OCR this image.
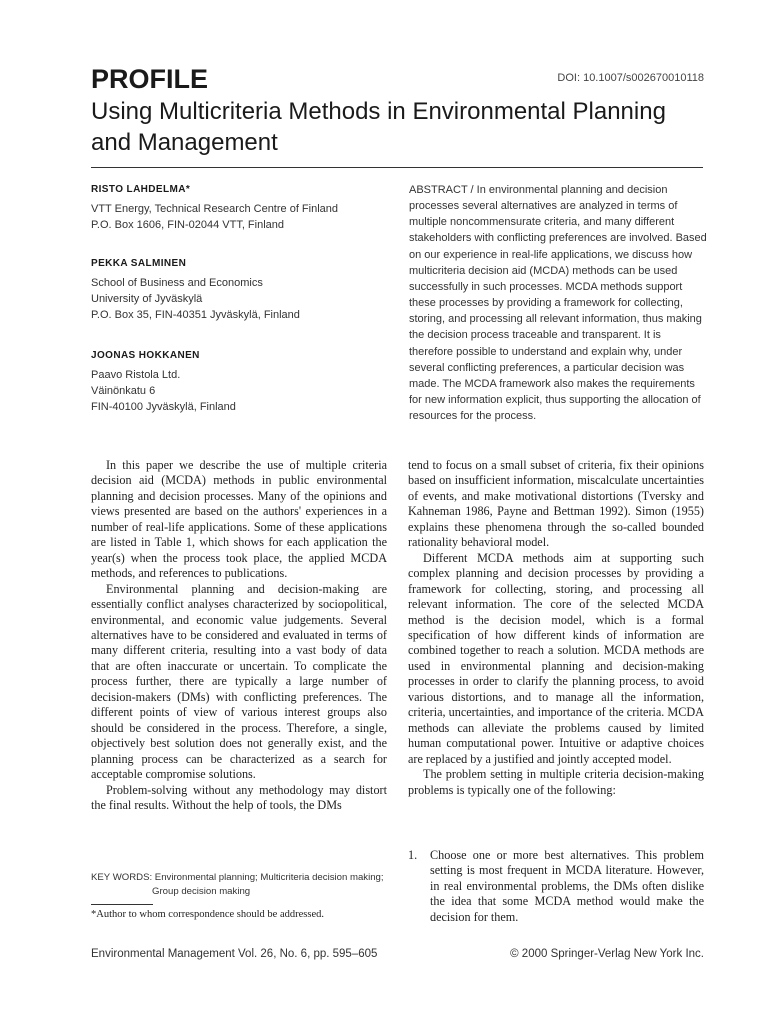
PROFILE	DOI: 10.1007/s002670010118
Using Multicriteria Methods in Environmental Planning and Management
RISTO LAHDELMA*
VTT Energy, Technical Research Centre of Finland
P.O. Box 1606, FIN-02044 VTT, Finland
PEKKA SALMINEN
School of Business and Economics
University of Jyväskylä
P.O. Box 35, FIN-40351 Jyväskylä, Finland
JOONAS HOKKANEN
Paavo Ristola Ltd.
Väinönkatu 6
FIN-40100 Jyväskylä, Finland

ABSTRACT / In environmental planning and decision processes several alternatives are analyzed in terms of multiple noncommensurate criteria, and many different stakeholders with conflicting preferences are involved. Based on our experience in real-life applications, we discuss how multicriteria decision aid (MCDA) methods can be used successfully in such processes. MCDA methods support these processes by providing a framework for collecting, storing, and processing all relevant information, thus making the decision process traceable and transparent. It is therefore possible to understand and explain why, under several conflicting preferences, a particular decision was made. The MCDA framework also makes the requirements for new information explicit, thus supporting the allocation of resources for the process.

In this paper we describe the use of multiple criteria decision aid (MCDA) methods in public environmental planning and decision processes. Many of the opinions and views presented are based on the authors' experiences in a number of real-life applications. Some of these applications are listed in Table 1, which shows for each application the year(s) when the process took place, the applied MCDA methods, and references to publications.

Environmental planning and decision-making are essentially conflict analyses characterized by sociopolitical, environmental, and economic value judgements. Several alternatives have to be considered and evaluated in terms of many different criteria, resulting into a vast body of data that are often inaccurate or uncertain. To complicate the process further, there are typically a large number of decision-makers (DMs) with conflicting preferences. The different points of view of various interest groups also should be considered in the process. Therefore, a single, objectively best solution does not generally exist, and the planning process can be characterized as a search for acceptable compromise solutions.

Problem-solving without any methodology may distort the final results. Without the help of tools, the DMs

tend to focus on a small subset of criteria, fix their opinions based on insufficient information, miscalculate uncertainties of events, and make motivational distortions (Tversky and Kahneman 1986, Payne and Bettman 1992). Simon (1955) explains these phenomena through the so-called bounded rationality behavioral model.

Different MCDA methods aim at supporting such complex planning and decision processes by providing a framework for collecting, storing, and processing all relevant information. The core of the selected MCDA method is the decision model, which is a formal specification of how different kinds of information are combined together to reach a solution. MCDA methods are used in environmental planning and decision-making processes in order to clarify the planning process, to avoid various distortions, and to manage all the information, criteria, uncertainties, and importance of the criteria. MCDA methods can alleviate the problems caused by limited human computational power. Intuitive or adaptive choices are replaced by a justified and jointly accepted model.

The problem setting in multiple criteria decision-making problems is typically one of the following:

1. Choose one or more best alternatives. This problem setting is most frequent in MCDA literature. However, in real environmental problems, the DMs often dislike the idea that some MCDA method would make the decision for them.
KEY WORDS: Environmental planning; Multicriteria decision making;
Group decision making
*Author to whom correspondence should be addressed.
Environmental Management Vol. 26, No. 6, pp. 595–605	© 2000 Springer-Verlag New York Inc.
